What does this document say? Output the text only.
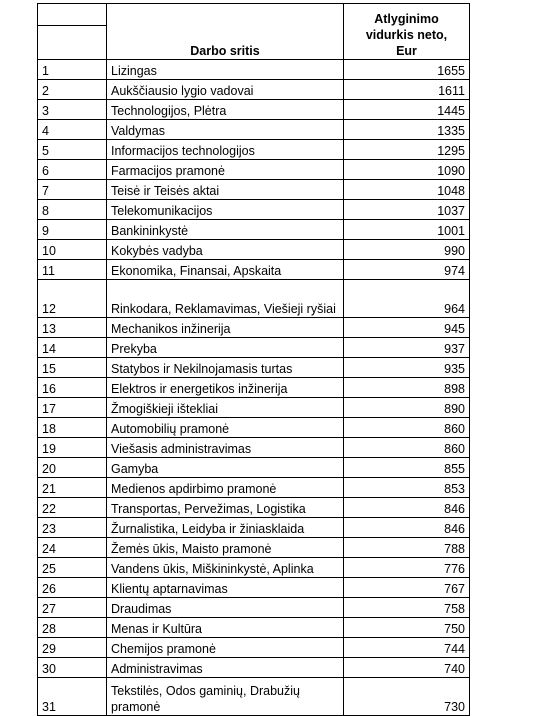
	Darbo sritis	Atlyginimo
vidurkis neto,
Eur

1	Lizingas	1655
2	Aukščiausio lygio vadovai	1611
3	Technologijos, Plėtra	1445
4	Valdymas	1335
5	Informacijos technologijos	1295
6	Farmacijos pramonė	1090
7	Teisė ir Teisės aktai	1048
8	Telekomunikacijos	1037
9	Bankininkystė	1001
10	Kokybės vadyba	990
11	Ekonomika, Finansai, Apskaita	974
12	Rinkodara, Reklamavimas, Viešieji ryšiai	964
13	Mechanikos inžinerija	945
14	Prekyba	937
15	Statybos ir Nekilnojamasis turtas	935
16	Elektros ir energetikos inžinerija	898
17	Žmogiškieji ištekliai	890
18	Automobilių pramonė	860
19	Viešasis administravimas	860
20	Gamyba	855
21	Medienos apdirbimo pramonė	853
22	Transportas, Pervežimas, Logistika	846
23	Žurnalistika, Leidyba ir žiniasklaida	846
24	Žemės ūkis, Maisto pramonė	788
25	Vandens ūkis, Miškininkystė, Aplinka	776
26	Klientų aptarnavimas	767
27	Draudimas	758
28	Menas ir Kultūra	750
29	Chemijos pramonė	744
30	Administravimas	740
31	Tekstilės, Odos gaminių, Drabužių pramonė	730
